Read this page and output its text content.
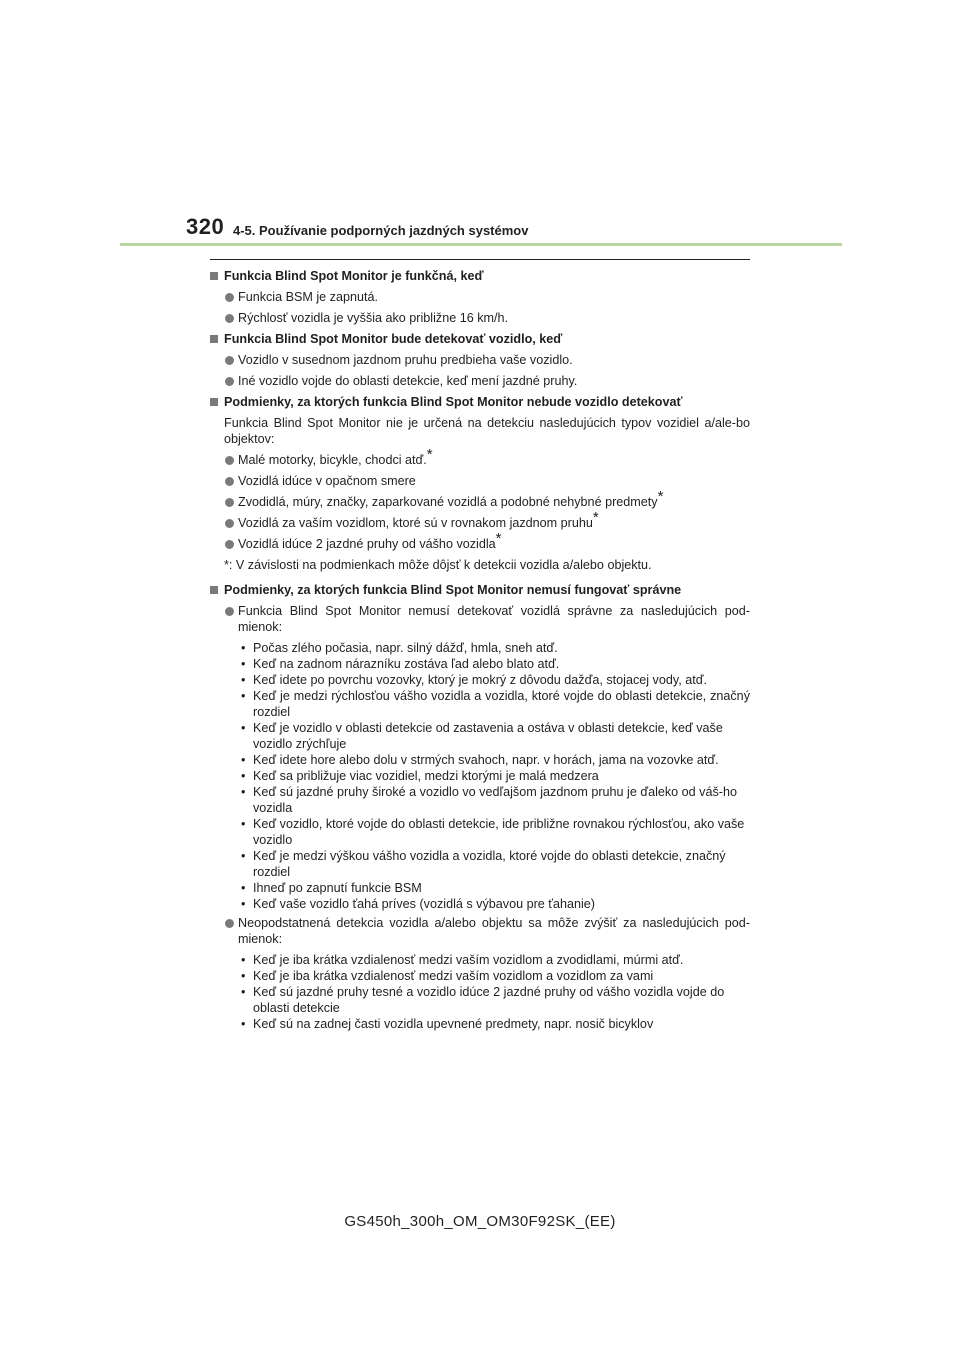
320 4-5. Používanie podporných jazdných systémov

Funkcia Blind Spot Monitor je funkčná, keď

Funkcia BSM je zapnutá.

Rýchlosť vozidla je vyššia ako približne 16 km/h.

Funkcia Blind Spot Monitor bude detekovať vozidlo, keď

Vozidlo v susednom jazdnom pruhu predbieha vaše vozidlo.

Iné vozidlo vojde do oblasti detekcie, keď mení jazdné pruhy.

Podmienky, za ktorých funkcia Blind Spot Monitor nebude vozidlo detekovať

Funkcia Blind Spot Monitor nie je určená na detekciu nasledujúcich typov vozidiel a/ale-bo objektov:

Malé motorky, bicykle, chodci atď.*

Vozidlá idúce v opačnom smere

Zvodidlá, múry, značky, zaparkované vozidlá a podobné nehybné predmety*

Vozidlá za vaším vozidlom, ktoré sú v rovnakom jazdnom pruhu*

Vozidlá idúce 2 jazdné pruhy od vášho vozidla*

*: V závislosti na podmienkach môže dôjsť k detekcii vozidla a/alebo objektu.

Podmienky, za ktorých funkcia Blind Spot Monitor nemusí fungovať správne

Funkcia Blind Spot Monitor nemusí detekovať vozidlá správne za nasledujúcich pod-mienok:

• Počas zlého počasia, napr. silný dážď, hmla, sneh atď.
• Keď na zadnom nárazníku zostáva ľad alebo blato atď.
• Keď idete po povrchu vozovky, ktorý je mokrý z dôvodu dažďa, stojacej vody, atď.
• Keď je medzi rýchlosťou vášho vozidla a vozidla, ktoré vojde do oblasti detekcie, značný rozdiel
• Keď je vozidlo v oblasti detekcie od zastavenia a ostáva v oblasti detekcie, keď vaše vozidlo zrýchľuje
• Keď idete hore alebo dolu v strmých svahoch, napr. v horách, jama na vozovke atď.
• Keď sa približuje viac vozidiel, medzi ktorými je malá medzera
• Keď sú jazdné pruhy široké a vozidlo vo vedľajšom jazdnom pruhu je ďaleko od váš-ho vozidla
• Keď vozidlo, ktoré vojde do oblasti detekcie, ide približne rovnakou rýchlosťou, ako vaše vozidlo
• Keď je medzi výškou vášho vozidla a vozidla, ktoré vojde do oblasti detekcie, značný rozdiel
• Ihneď po zapnutí funkcie BSM
• Keď vaše vozidlo ťahá príves (vozidlá s výbavou pre ťahanie)

Neopodstatnená detekcia vozidla a/alebo objektu sa môže zvýšiť za nasledujúcich pod-mienok:

• Keď je iba krátka vzdialenosť medzi vaším vozidlom a zvodidlami, múrmi atď.
• Keď je iba krátka vzdialenosť medzi vaším vozidlom a vozidlom za vami
• Keď sú jazdné pruhy tesné a vozidlo idúce 2 jazdné pruhy od vášho vozidla vojde do oblasti detekcie
• Keď sú na zadnej časti vozidla upevnené predmety, napr. nosič bicyklov
GS450h_300h_OM_OM30F92SK_(EE)
